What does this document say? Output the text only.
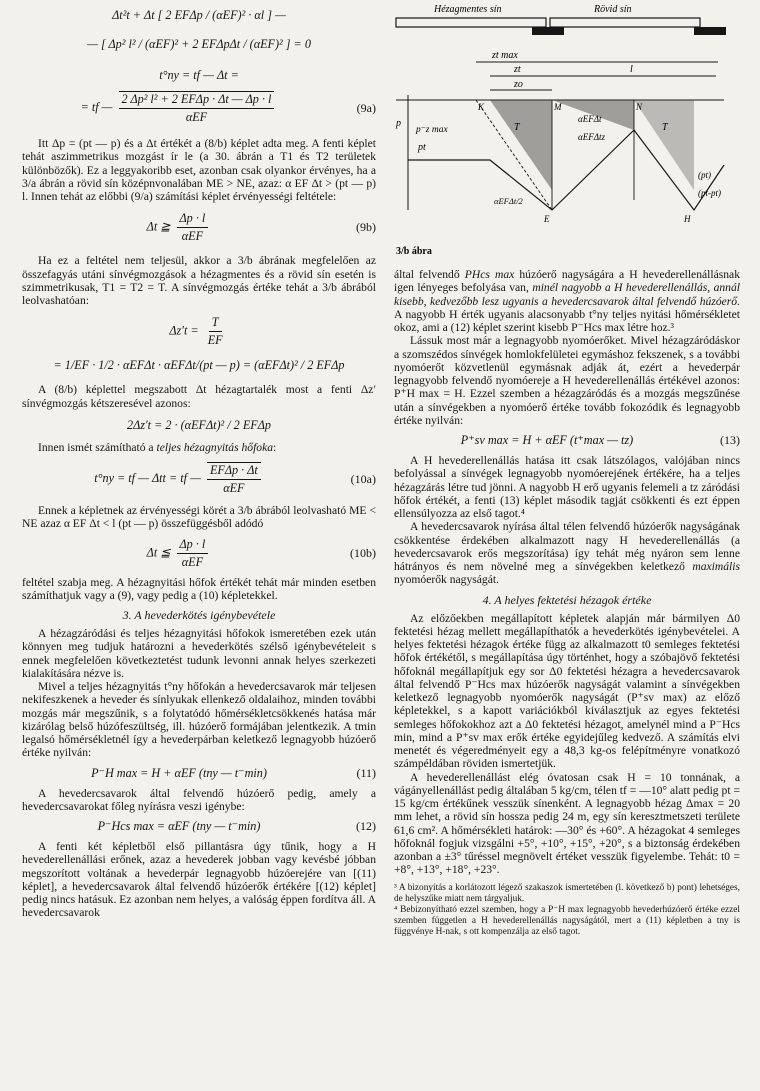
Δt²t + Δt [ 2 EFΔp / (αEF)² · αl ] —
— [ Δp² l² / (αEF)² + 2 EFΔpΔt / (αEF)² ] = 0
t°ny = tf — Δt =
= tf — $\frac{\text{2 Δp² l² + 2 EFΔp · Δt — Δp · l}}{\text{αEF}}$	(9a)

Itt Δp = (pt — p) és a Δt értékét a (8/b) képlet adta meg. A fenti képlet tehát aszimmetrikus mozgást ír le (a 30. ábrán a T1 és T2 területek különbözők). Ez a leggyakoribb eset, azonban csak olyankor érvényes, ha a 3/a ábrán a rövid sín középnvonalában ME > NE, azaz: α EF Δt > (pt — p) l. Innen tehát az előbbi (9/a) számítási képlet érvényességi feltétele:

Δt ≧ $\frac{\Delta p \cdot l}{\text{αEF}}$	(9b)

Ha ez a feltétel nem teljesül, akkor a 3/b ábrának megfelelően az összefagyás utáni sínvégmozgások a hézagmentes és a rövid sín esetén is szimmetrikusak, T1 = T2 = T. A sínvégmozgás értéke tehát a 3/b ábrából leolvashatóan:

$\Delta z't = \frac{T}{EF}$
= 1/EF · 1/2 · αEFΔt · αEFΔt/(pt — p) = (αEFΔt)² / 2 EFΔp

A (8/b) képlettel megszabott Δt hézagtartalék most a fenti Δz′ sínvégmozgás kétszeresével azonos:

2Δz′t = 2 · (αEFΔt)² / 2 EFΔp

Innen ismét számítható a teljes hézagnyitás hőfoka:

t°ny = tf — Δtt = tf — $\frac{\text{EFΔp · Δt}}{\text{αEF}}$	(10a)

Ennek a képletnek az érvényességi körét a 3/b ábrából leolvasható ME < NE azaz α EF Δt < l (pt — p) összefüggésből adódó

Δt ≦ $\frac{\Delta p \cdot l}{\text{αEF}}$	(10b)

feltétel szabja meg. A hézagnyitási hőfok értékét tehát már minden esetben számíthatjuk vagy a (9), vagy pedig a (10) képletekkel.

3. A hevederkötés igénybevétele

A hézagzáródási és teljes hézagnyitási hőfokok ismeretében ezek után könnyen meg tudjuk határozni a hevederkötés szélső igénybevételeit s ennek megfelelően következtetést tudunk levonni annak helyes szerkezeti kialakítására nézve is.

Mivel a teljes hézagnyitás t°ny hőfokán a hevedercsavarok már teljesen nekifeszkenek a heveder és sínlyukak ellenkező oldalaihoz, minden további mozgás már megszűnik, s a folytatódó hőmérsékletcsökkenés hatása már kizárólag belső húzófeszültség, ill. húzóerő formájában jelentkezik. A tmin legalsó hőmérsékletnél így a hevederpárban keletkező legnagyobb húzóerő értéke nyilván:

P⁻H max = H + αEF (tny — t⁻min)	(11)

A hevedercsavarok által felvendő húzóerő pedig, amely a hevedercsavarokat főleg nyírásra veszi igénybe:

P⁻Hcs max = αEF (tny — t⁻min)	(12)

A fenti két képletből első pillantásra úgy tűnik, hogy a H hevederellenállási erőnek, azaz a hevederek jobban vagy kevésbé jóbban megszorított voltának a hevederpár legnagyobb húzóerejére van [(11) képlet], a hevedercsavarok által felvendő húzóerők értékére [(12) képlet] pedig nincs hatásuk. Ez azonban nem helyes, a valóság éppen fordítva áll. A hevedercsavarok

Hézagmentes sín	Rövid sín
zt max
zt
zo
l
p
p⁻z max
pt
αEFΔt
αEFΔtz
αEFΔt/2
(pt)
(pt-pt)
T	T
K	M	N
E	H
3/b ábra

által felvendő PHcs max húzóerő nagyságára a H hevederellenállásnak igen lényeges befolyása van, minél nagyobb a H hevederellenállás, annál kisebb, kedvezőbb lesz ugyanis a hevedercsavarok által felvendő húzóerő. A nagyobb H érték ugyanis alacsonyabb t°ny teljes nyitási hőmérsékletet okoz, ami a (12) képlet szerint kisebb P⁻Hcs max létre hoz.³

Lássuk most már a legnagyobb nyomóerőket. Mivel hézagzáródáskor a szomszédos sínvégek homlokfelületei egymáshoz fekszenek, s a további nyomóerőt közvetlenül egymásnak adják át, ezért a hevederpár legnagyobb felvendő nyomóereje a H hevederellenállás értékével azonos: P⁺H max = H. Ezzel szemben a hézagzáródás és a mozgás megszűnése után a sínvégekben a nyomóerő értéke tovább fokozódik és legnagyobb értéke nyilván:

P⁺sv max = H + αEF (t⁺max — tz)	(13)

A H hevederellenállás hatása itt csak látszólagos, valójában nincs befolyással a sínvégek legnagyobb nyomóerejének értékére, ha a teljes hézagzárás létre tud jönni. A nagyobb H erő ugyanis felemeli a tz záródási hőfok értékét, a fenti (13) képlet második tagját csökkenti és ezt éppen ellensúlyozza az első tagot.⁴

A hevedercsavarok nyírása által télen felvendő húzóerők nagyságának csökkentése érdekében alkalmazott nagy H hevederellenállás (a hevedercsavarok erős megszorítása) így tehát még nyáron sem lenne hátrányos és nem növelné meg a sínvégekben keletkező maximális nyomóerők nagyságát.

4. A helyes fektetési hézagok értéke

Az előzőekben megállapított képletek alapján már bármilyen Δ0 fektetési hézag mellett megállapíthatók a hevederkötés igénybevételei. A helyes fektetési hézagok értéke függ az alkalmazott t0 semleges fektetési hőfok értékétől, s megállapítása úgy történhet, hogy a szóbajövő fektetési hőfoknál megállapítjuk egy sor Δ0 fektetési hézagra a hevedercsavarok által felvendő P⁻Hcs max húzóerők nagyságát valamint a sínvégekben keletkező legnagyobb nyomóerők nagyságát (P⁺sv max) az előző képletekkel, s a kapott variációkból kiválasztjuk az egyes fektetési semleges hőfokokhoz azt a Δ0 fektetési hézagot, amelynél mind a P⁻Hcs min, mind a P⁺sv max erők értéke egyidejűleg kedvező. A számítás elvi menetét és végeredményeit egy a 48,3 kg-os felépítményre vonatkozó számpéldában röviden ismertetjük.

A hevederellenállást elég óvatosan csak H = 10 tonnának, a vágányellenállást pedig általában 5 kg/cm, télen tf = —10° alatt pedig pt = 15 kg/cm értékűnek vesszük sínenként. A legnagyobb hézag Δmax = 20 mm lehet, a rövid sín hossza pedig 24 m, egy sín keresztmetszeti területe 61,6 cm². A hőmérsékleti határok: —30° és +60°. A hézagokat 4 semleges hőfoknál fogjuk vizsgálni +5°, +10°, +15°, +20°, s a biztonság érdekében azonban a ±3° tűréssel megnövelt értéket vesszük figyelembe. Tehát: t0 = +8°, +13°, +18°, +23°.

³ A bizonyítás a korlátozott légező szakaszok ismertetében (l. következő b) pont) lehetséges, de helyszűke miatt nem tárgyaljuk.

⁴ Bebizonyítható ezzel szemben, hogy a P⁻H max legnagyobb hevederhúzóerő értéke ezzel szemben független a H hevederellenállás nagyságától, mert a (11) képletben a tny is függvénye H-nak, s ott kompenzálja az első tagot.
